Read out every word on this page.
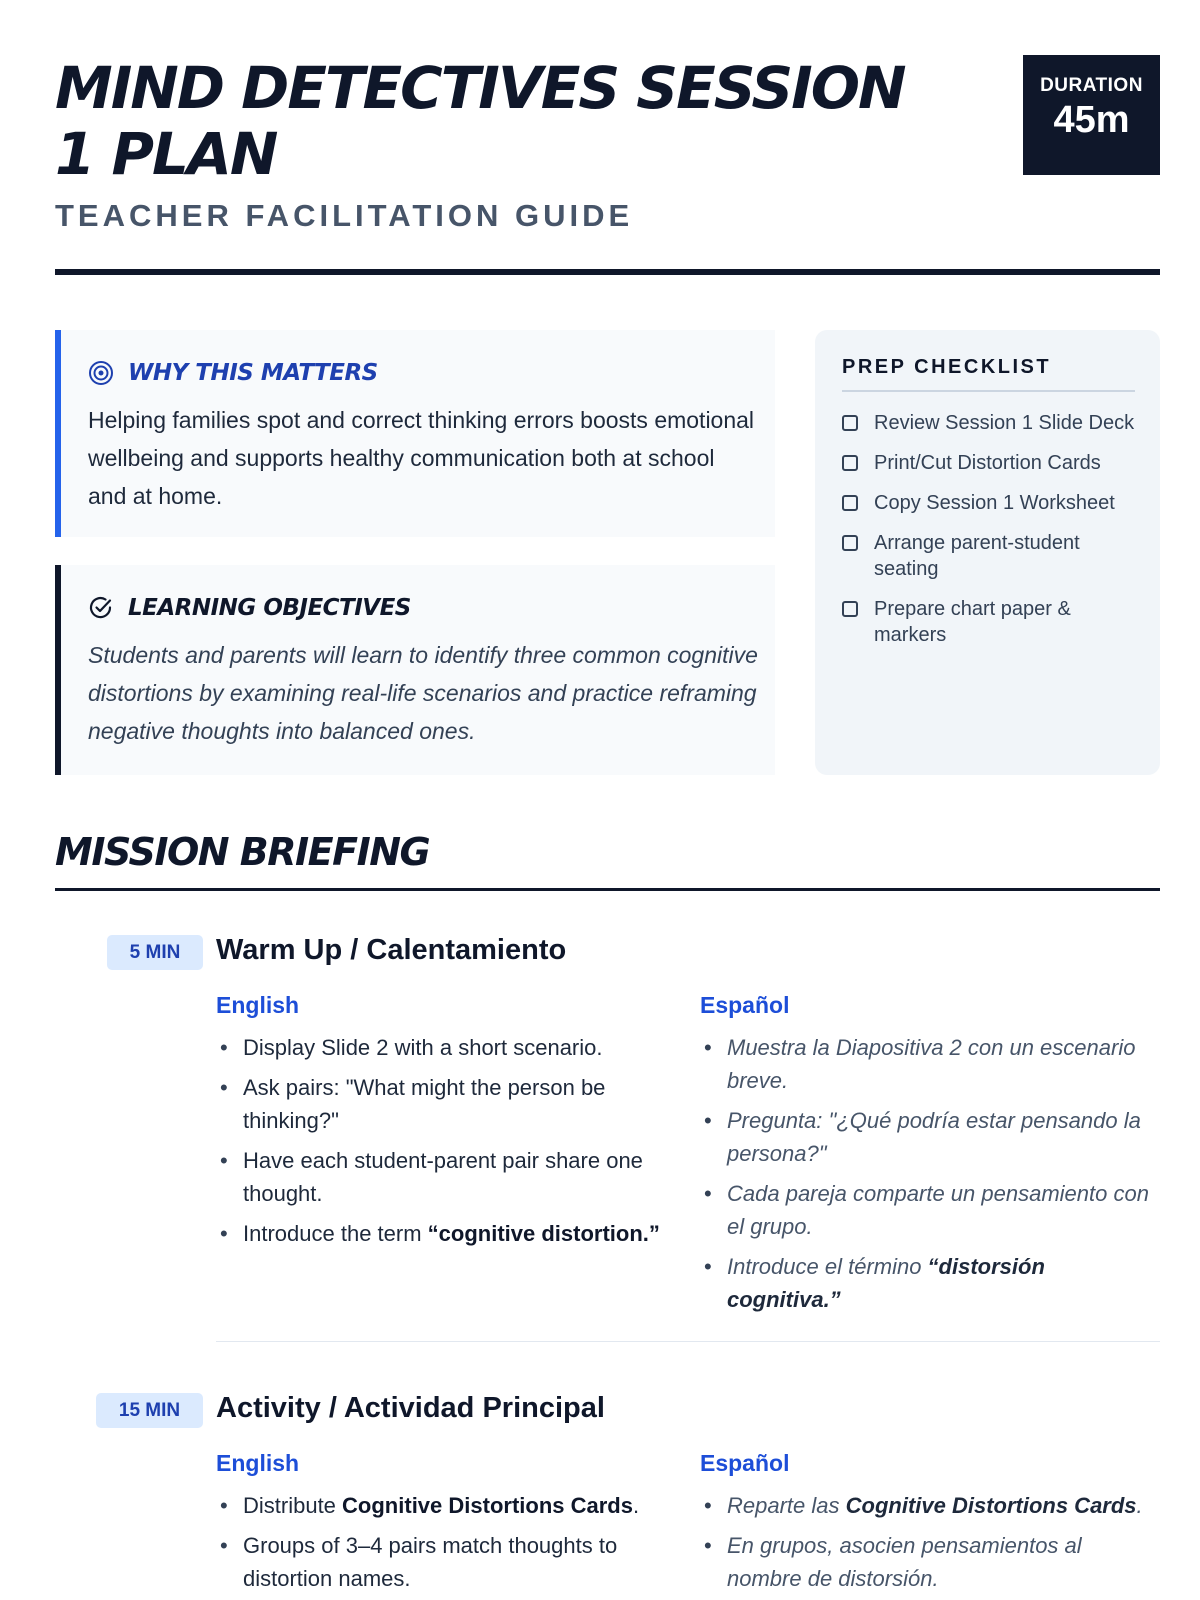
MIND DETECTIVES SESSION 1 PLAN
TEACHER FACILITATION GUIDE
DURATION
45m
WHY THIS MATTERS

Helping families spot and correct thinking errors boosts emotional wellbeing and supports healthy communication both at school and at home.

LEARNING OBJECTIVES

Students and parents will learn to identify three common cognitive distortions by examining real-life scenarios and practice reframing negative thoughts into balanced ones.

PREP CHECKLIST
Review Session 1 Slide Deck
Print/Cut Distortion Cards
Copy Session 1 Worksheet
Arrange parent-student seating
Prepare chart paper & markers
MISSION BRIEFING
5 MIN	Warm Up / Calentamiento
English
• Display Slide 2 with a short scenario.
• Ask pairs: "What might the person be thinking?"
• Have each student-parent pair share one thought.
• Introduce the term “cognitive distortion.”
Español
• Muestra la Diapositiva 2 con un escenario breve.
• Pregunta: "¿Qué podría estar pensando la persona?"
• Cada pareja comparte un pensamiento con el grupo.
• Introduce el término “distorsión cognitiva.”
15 MIN	Activity / Actividad Principal
English
• Distribute Cognitive Distortions Cards.
• Groups of 3–4 pairs match thoughts to distortion names.
Español
• Reparte las Cognitive Distortions Cards.
• En grupos, asocien pensamientos al nombre de distorsión.
